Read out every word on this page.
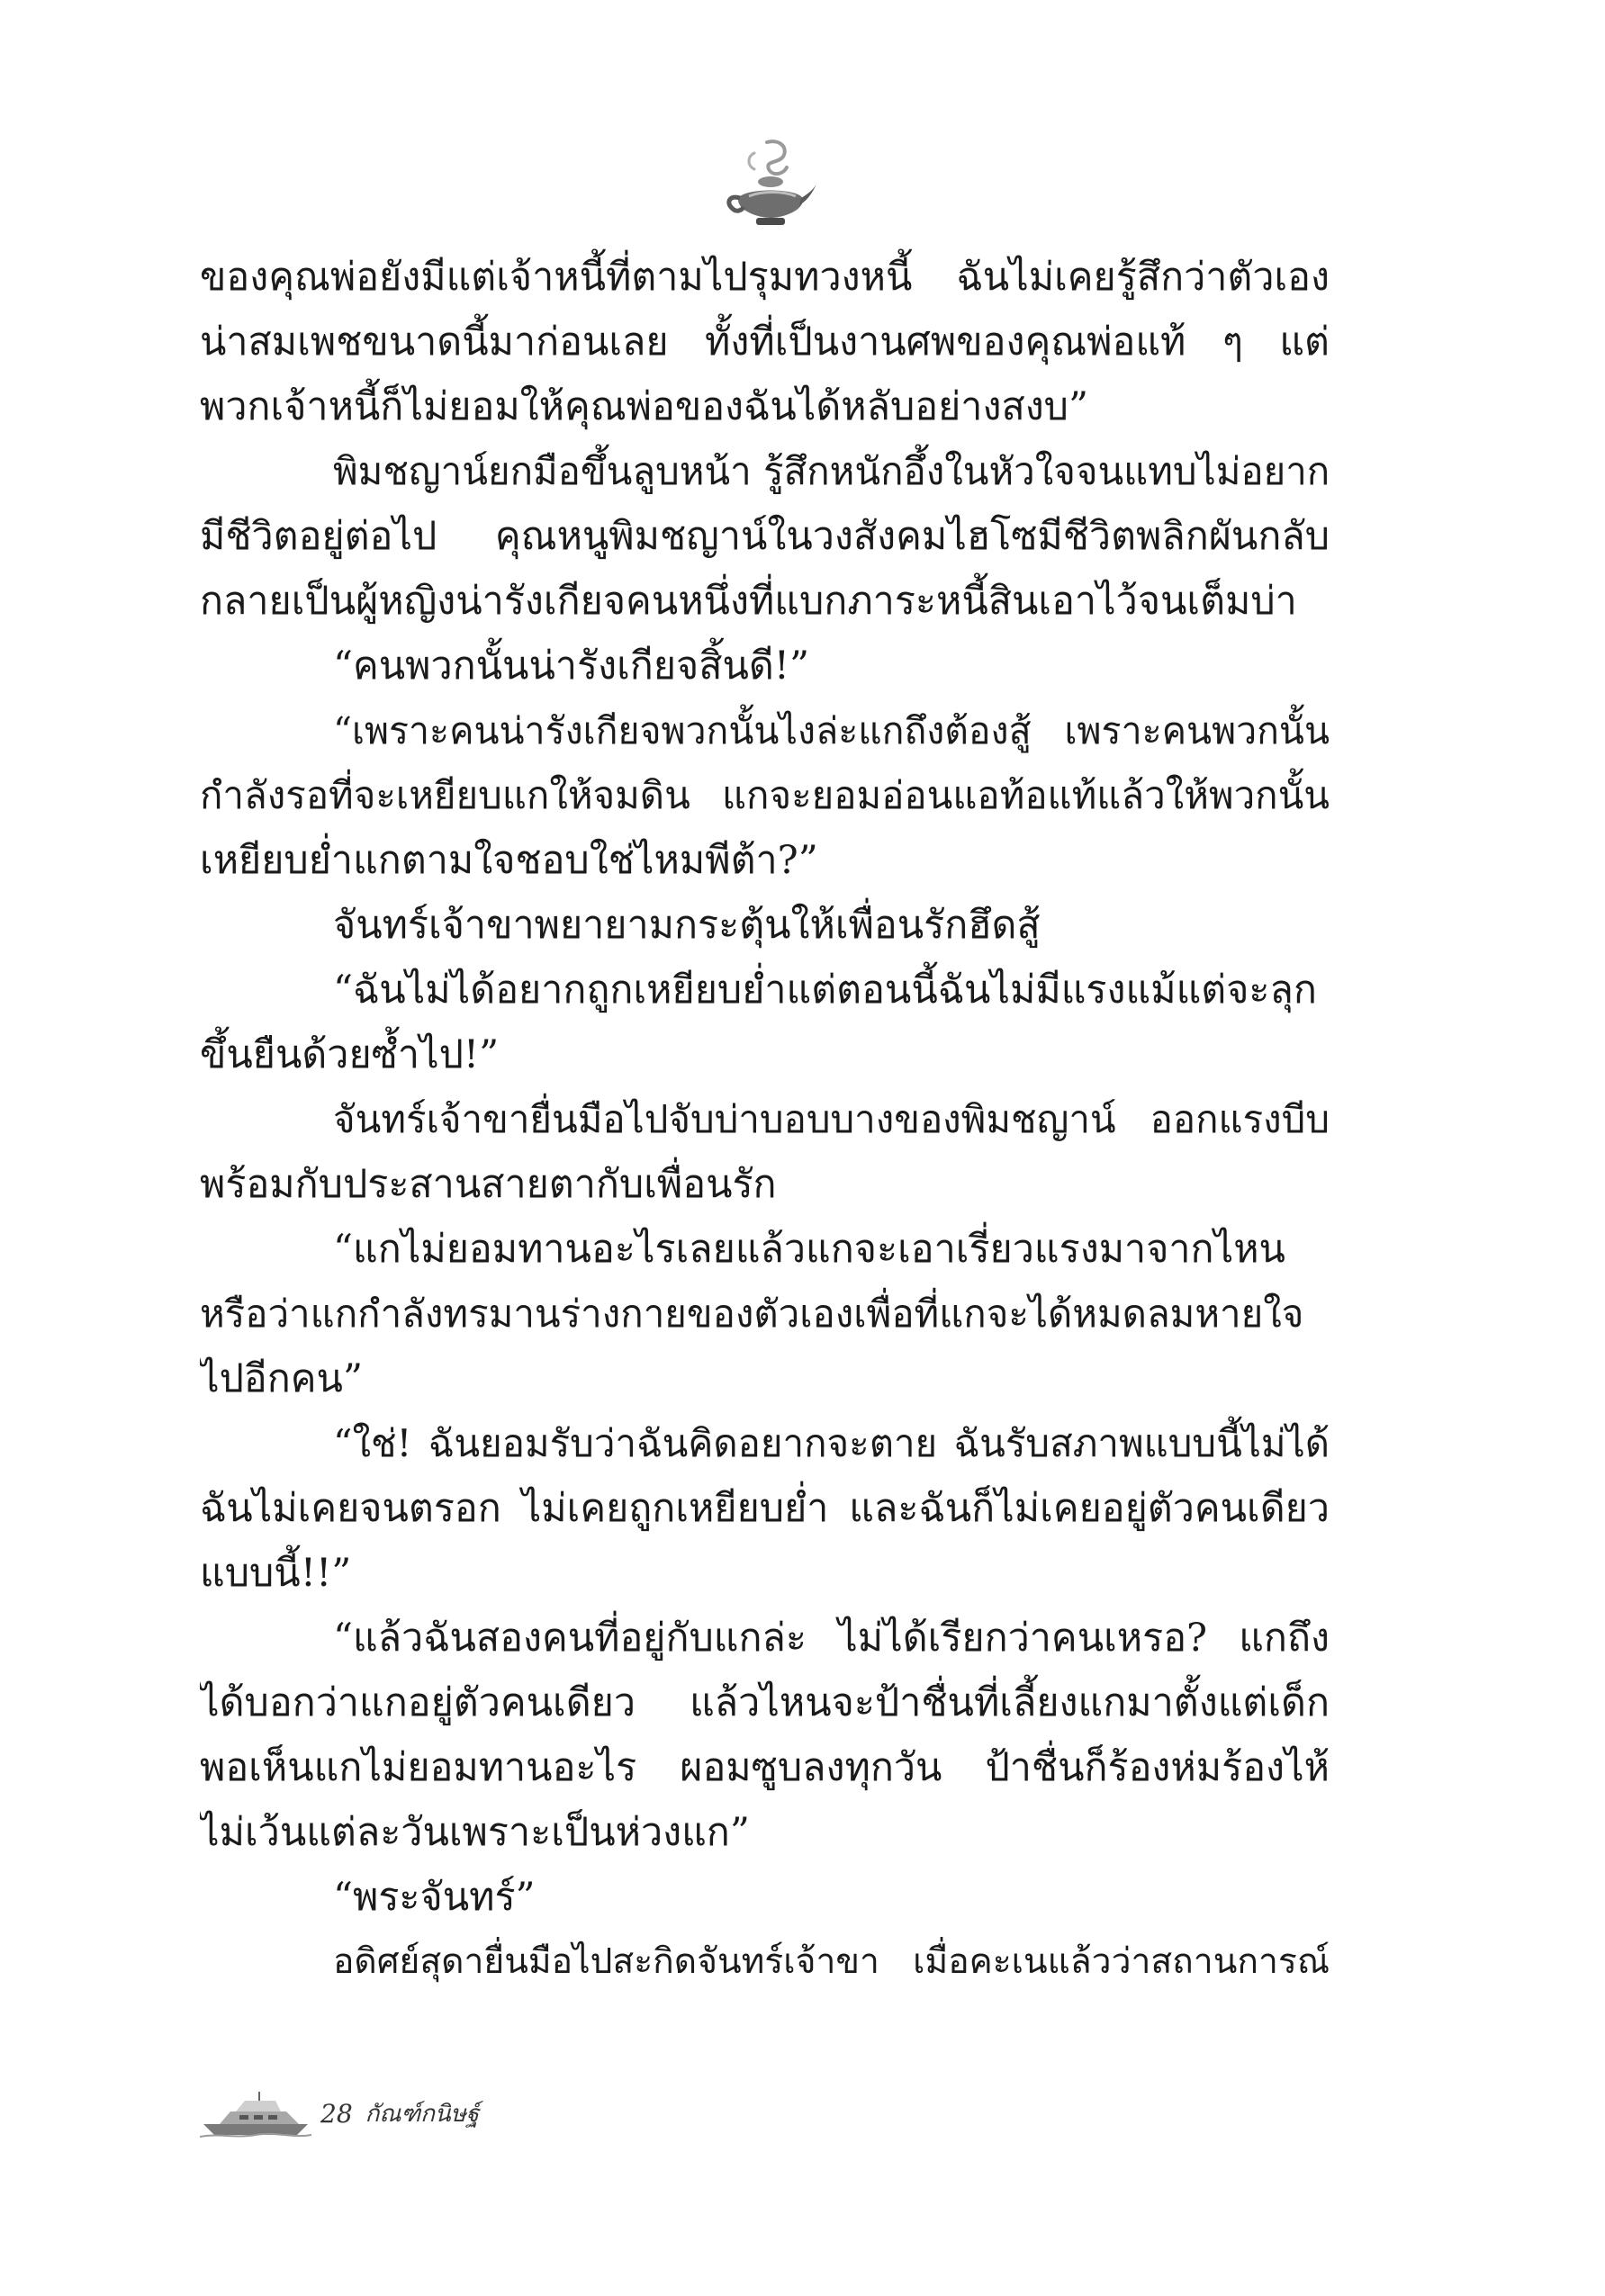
ของคุณพ่อยังมีแต่เจ้าหนี้ที่ตามไปรุมทวงหนี้ ฉันไม่เคยรู้สึกว่าตัวเอง
น่าสมเพชขนาดนี้มาก่อนเลย ทั้งที่เป็นงานศพของคุณพ่อแท้ ๆ แต่
พวกเจ้าหนี้ก็ไม่ยอมให้คุณพ่อของฉันได้หลับอย่างสงบ”
พิมชญาน์ยกมือขึ้นลูบหน้า รู้สึกหนักอึ้งในหัวใจจนแทบไม่อยาก
มีชีวิตอยู่ต่อไป คุณหนูพิมชญาน์ในวงสังคมไฮโซมีชีวิตพลิกผันกลับ
กลายเป็นผู้หญิงน่ารังเกียจคนหนึ่งที่แบกภาระหนี้สินเอาไว้จนเต็มบ่า
“คนพวกนั้นน่ารังเกียจสิ้นดี!”
“เพราะคนน่ารังเกียจพวกนั้นไงล่ะแกถึงต้องสู้ เพราะคนพวกนั้น
กำลังรอที่จะเหยียบแกให้จมดิน แกจะยอมอ่อนแอท้อแท้แล้วให้พวกนั้น
เหยียบย่ำแกตามใจชอบใช่ไหมพีต้า?”
จันทร์เจ้าขาพยายามกระตุ้นให้เพื่อนรักฮึดสู้
“ฉันไม่ได้อยากถูกเหยียบย่ำแต่ตอนนี้ฉันไม่มีแรงแม้แต่จะลุก
ขึ้นยืนด้วยซ้ำไป!”
จันทร์เจ้าขายื่นมือไปจับบ่าบอบบางของพิมชญาน์ ออกแรงบีบ
พร้อมกับประสานสายตากับเพื่อนรัก
“แกไม่ยอมทานอะไรเลยแล้วแกจะเอาเรี่ยวแรงมาจากไหน
หรือว่าแกกำลังทรมานร่างกายของตัวเองเพื่อที่แกจะได้หมดลมหายใจ
ไปอีกคน”
“ใช่! ฉันยอมรับว่าฉันคิดอยากจะตาย ฉันรับสภาพแบบนี้ไม่ได้
ฉันไม่เคยจนตรอก ไม่เคยถูกเหยียบย่ำ และฉันก็ไม่เคยอยู่ตัวคนเดียว
แบบนี้!!”
“แล้วฉันสองคนที่อยู่กับแกล่ะ ไม่ได้เรียกว่าคนเหรอ? แกถึง
ได้บอกว่าแกอยู่ตัวคนเดียว แล้วไหนจะป้าชื่นที่เลี้ยงแกมาตั้งแต่เด็ก
พอเห็นแกไม่ยอมทานอะไร ผอมซูบลงทุกวัน ป้าชื่นก็ร้องห่มร้องไห้
ไม่เว้นแต่ละวันเพราะเป็นห่วงแก”
“พระจันทร์”
อดิศย์สุดายื่นมือไปสะกิดจันทร์เจ้าขา เมื่อคะเนแล้วว่าสถานการณ์
28 กัณฑ์กนิษฐ์
